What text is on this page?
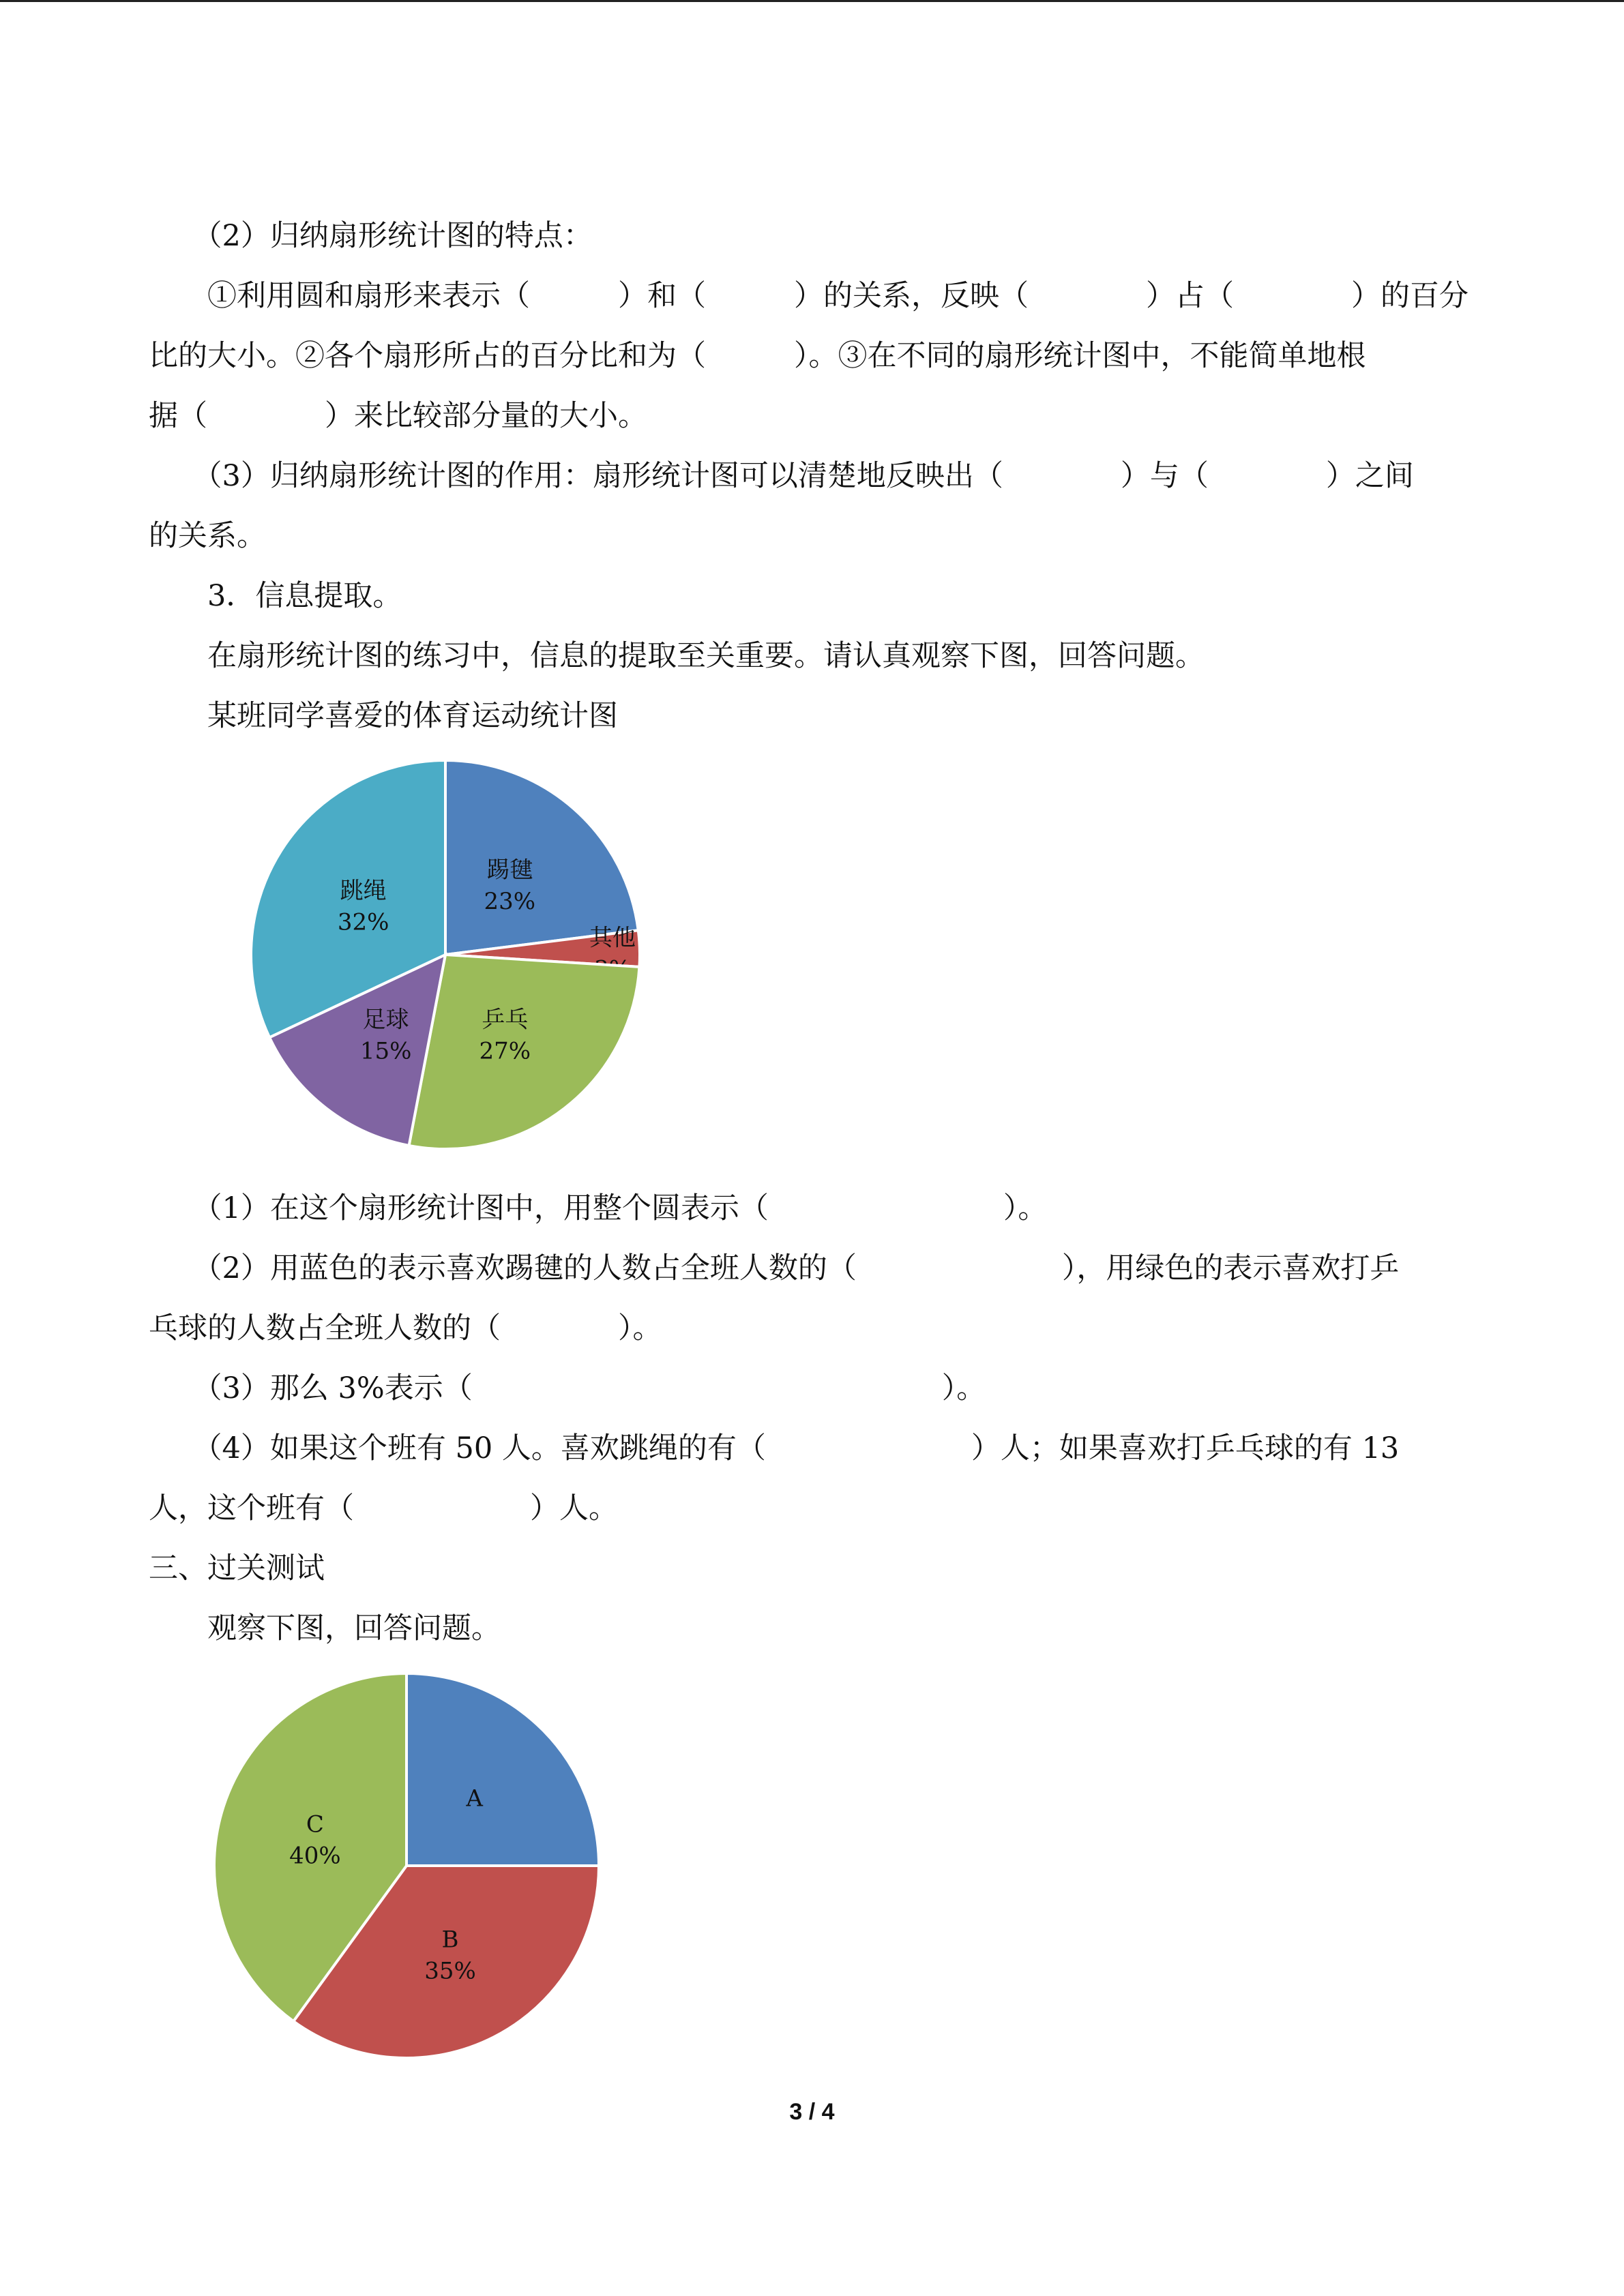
　　（2）归纳扇形统计图的特点：
　　①利用圆和扇形来表示（　　　）和（　　　）的关系，反映（　　　　）占（　　　　）的百分
比的大小。②各个扇形所占的百分比和为（　　　）。③在不同的扇形统计图中，不能简单地根
据（　　　　）来比较部分量的大小。
　　（3）归纳扇形统计图的作用：扇形统计图可以清楚地反映出（　　　　）与（　　　　）之间
的关系。
　　3．信息提取。
　　在扇形统计图的练习中，信息的提取至关重要。请认真观察下图，回答问题。
　　某班同学喜爱的体育运动统计图
踢毽
23%
其他
乒乓
27%
足球
15%
跳绳
32%
　　（1）在这个扇形统计图中，用整个圆表示（　　　　　　　　）。
　　（2）用蓝色的表示喜欢踢毽的人数占全班人数的（　　　　　　　），用绿色的表示喜欢打乒
乓球的人数占全班人数的（　　　　）。
　　（3）那么 3%表示（　　　　　　　　　　　　　　　　）。
　　（4）如果这个班有 50 人。喜欢跳绳的有（　　　　　　　）人；如果喜欢打乒乓球的有 13
人，这个班有（　　　　　　）人。
三、过关测试
　　观察下图，回答问题。
A
B
35%
C
40%
3 / 4
